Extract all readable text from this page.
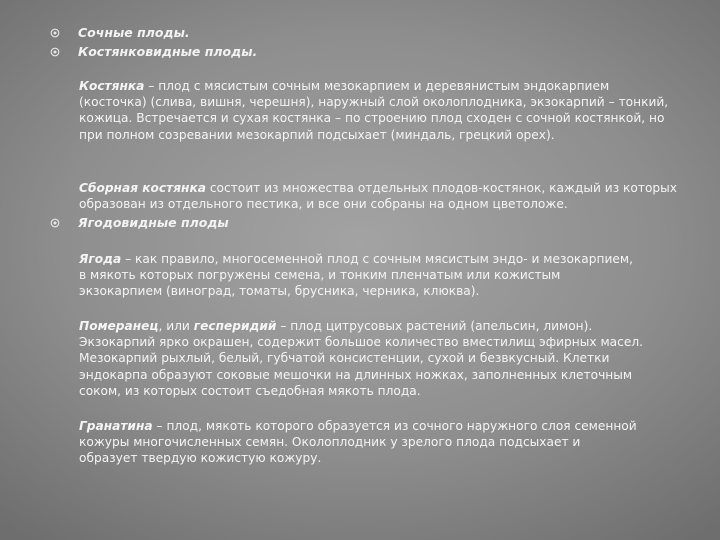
Сочные плоды.
Костянковидные плоды.

Костянка – плод с мясистым сочным мезокарпием и деревянистым эндокарпием (косточка) (слива, вишня, черешня), наружный слой околоплодника, экзокарпий – тонкий, кожица. Встречается и сухая костянка – по строению плод сходен с сочной костянкой, но при полном созревании мезокарпий подсыхает (миндаль, грецкий орех).

Сборная костянка состоит из множества отдельных плодов-костянок, каждый из которых образован из отдельного пестика, и все они собраны на одном цветоложе.

Ягодовидные плоды

Ягода – как правило, многосеменной плод с сочным мясистым эндо- и мезокарпием, в мякоть которых погружены семена, и тонким пленчатым или кожистым экзокарпием (виноград, томаты, брусника, черника, клюква).

Померанец, или гесперидий – плод цитрусовых растений (апельсин, лимон). Экзокарпий ярко окрашен, содержит большое количество вместилищ эфирных масел. Мезокарпий рыхлый, белый, губчатой консистенции, сухой и безвкусный. Клетки эндокарпа образуют соковые мешочки на длинных ножках, заполненных клеточным соком, из которых состоит съедобная мякоть плода.

Гранатина – плод, мякоть которого образуется из сочного наружного слоя семенной кожуры многочисленных семян. Околоплодник у зрелого плода подсыхает и образует твердую кожистую кожуру.
